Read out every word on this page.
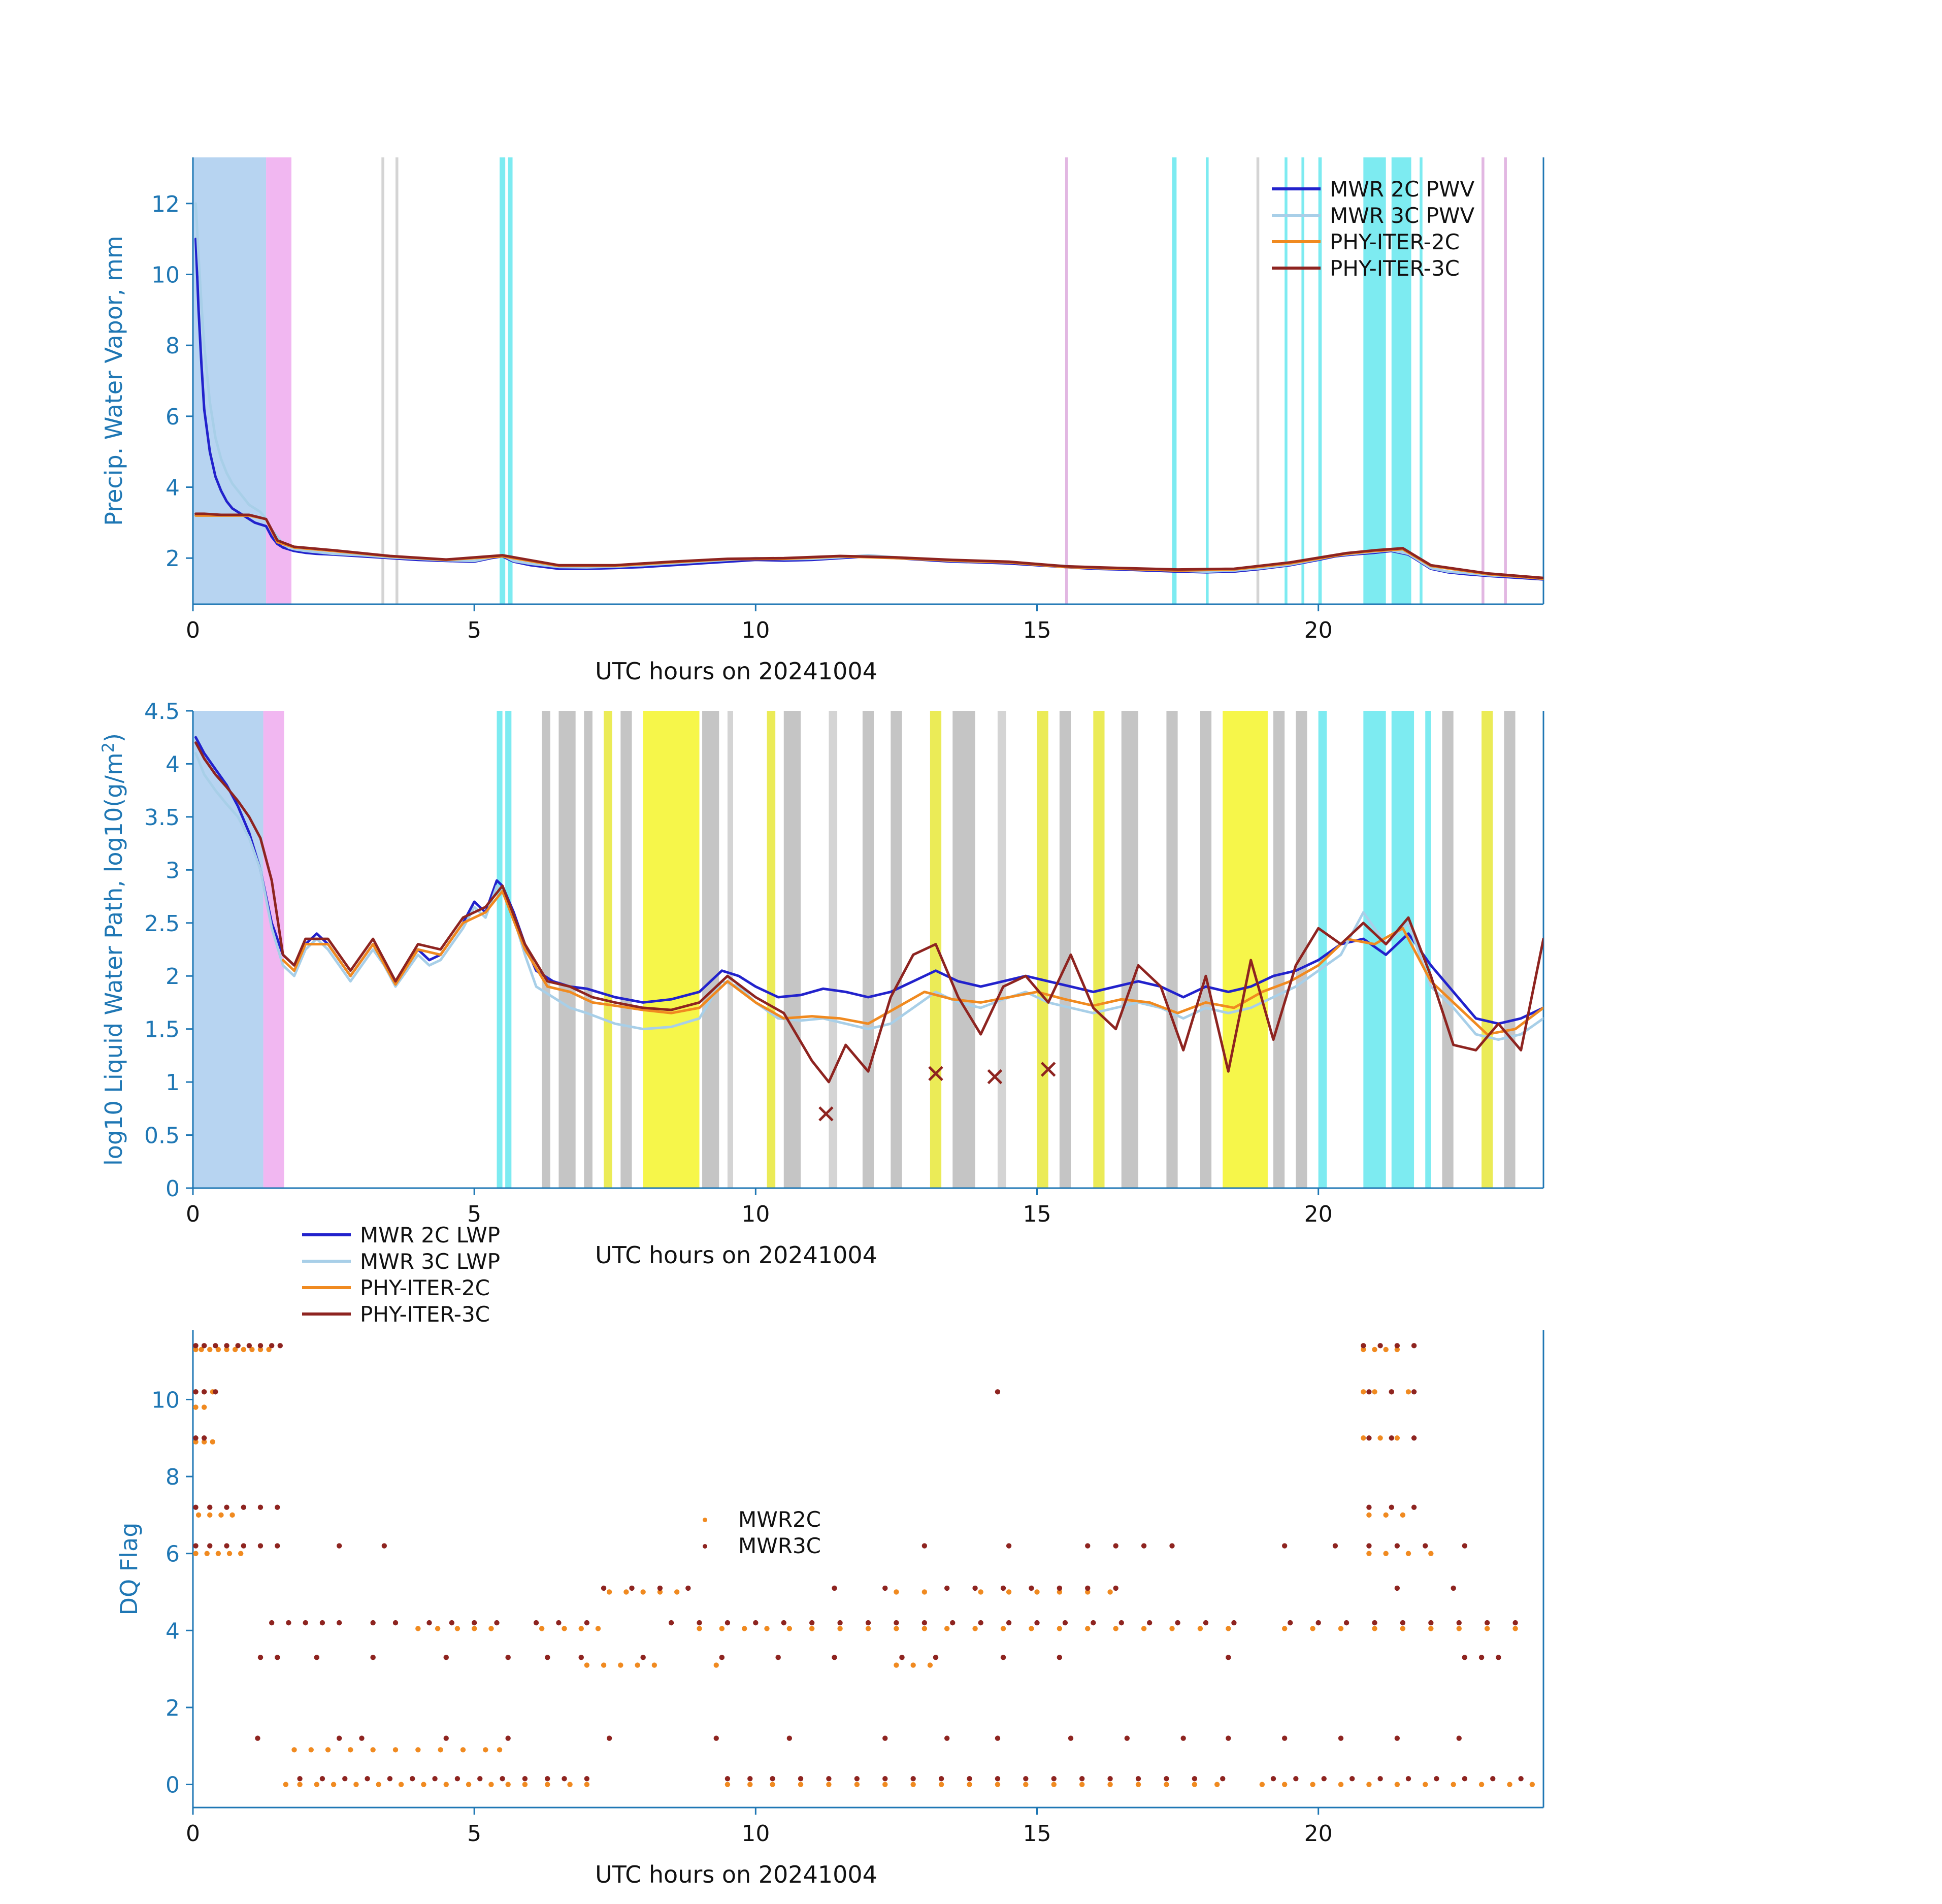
0	5	10	15	20
2
4
6
8
10
12
UTC hours on 20241004
Precip. Water Vapor, mm
0	5	10	15	20
0
0.5
1
1.5
2
2.5
3
3.5
4
4.5
UTC hours on 20241004
log10 Liquid Water Path, $\log 10(g/m^2)$
0	5	10	15	20
0
2
4
6
8
10
UTC hours on 20241004
DQ Flag
MWR 2C PWV
MWR 3C PWV
PHY-ITER-2C
PHY-ITER-3C
MWR 2C LWP
MWR 3C LWP
PHY-ITER-2C
PHY-ITER-3C
MWR2C
MWR3C
